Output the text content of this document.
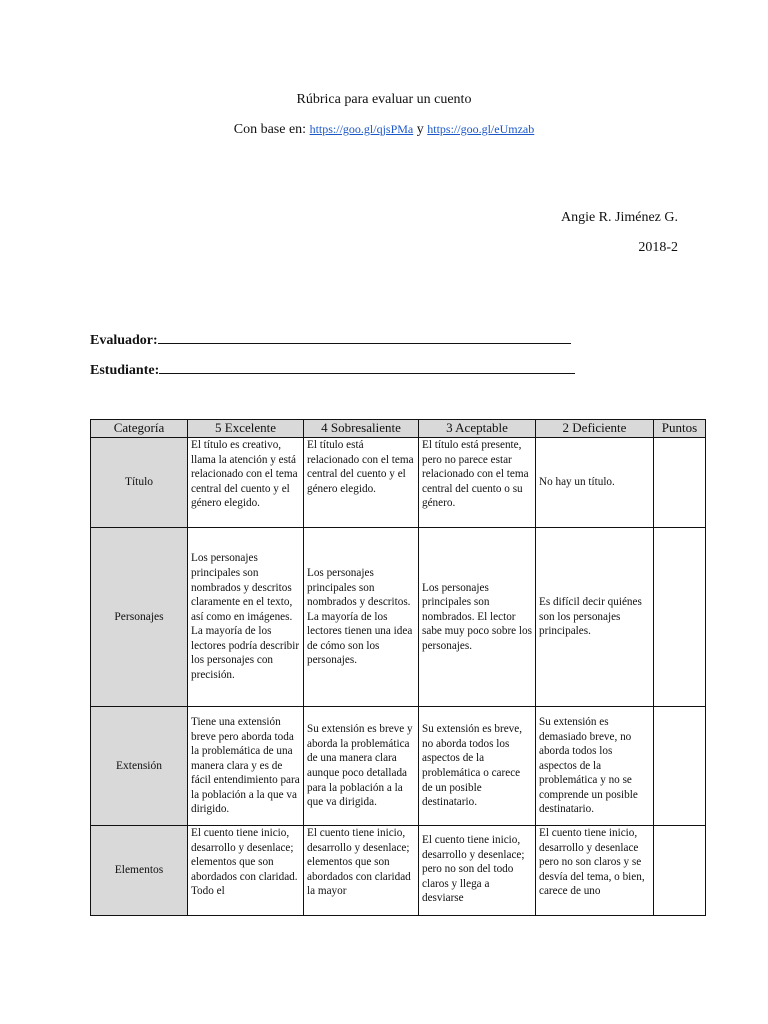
Rúbrica para evaluar un cuento
Con base en: https://goo.gl/qjsPMa y https://goo.gl/eUmzab
Angie R. Jiménez G.
2018-2
Evaluador:
Estudiante:
Categoría	5 Excelente	4 Sobresaliente	3 Aceptable	2 Deficiente	Puntos
Título	El título es creativo, llama la atención y está relacionado con el tema central del cuento y el género elegido.	El título está relacionado con el tema central del cuento y el género elegido.	El título está presente, pero no parece estar relacionado con el tema central del cuento o su género.	No hay un título.	
Personajes	Los personajes principales son nombrados y descritos claramente en el texto, así como en imágenes. La mayoría de los lectores podría describir los personajes con precisión.	Los personajes principales son nombrados y descritos. La mayoría de los lectores tienen una idea de cómo son los personajes.	Los personajes principales son nombrados. El lector sabe muy poco sobre los personajes.	Es difícil decir quiénes son los personajes principales.	
Extensión	Tiene una extensión breve pero aborda toda la problemática de una manera clara y es de fácil entendimiento para la población a la que va dirigido.	Su extensión es breve y aborda la problemática de una manera clara aunque poco detallada para la población a la que va dirigida.	Su extensión es breve, no aborda todos los aspectos de la problemática o carece de un posible destinatario.	Su extensión es demasiado breve, no aborda todos los aspectos de la problemática y no se comprende un posible destinatario.	
Elementos	El cuento tiene inicio, desarrollo y desenlace; elementos que son abordados con claridad. Todo el	El cuento tiene inicio, desarrollo y desenlace; elementos que son abordados con claridad la mayor	El cuento tiene inicio, desarrollo y desenlace; pero no son del todo claros y llega a desviarse	El cuento tiene inicio, desarrollo y desenlace pero no son claros y se desvía del tema, o bien, carece de uno	
